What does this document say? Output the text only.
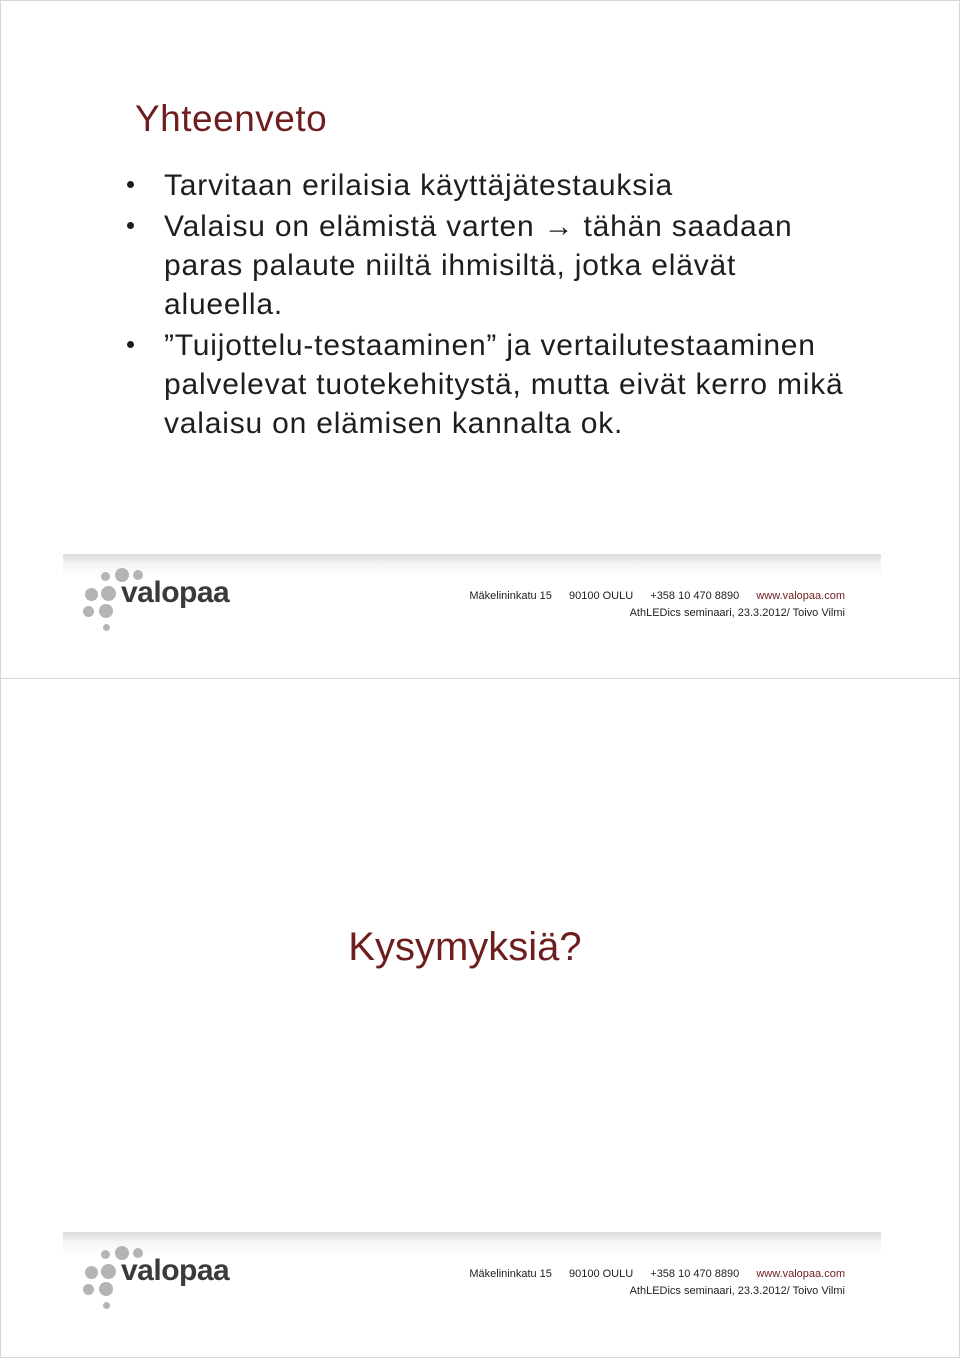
Yhteenveto
Tarvitaan erilaisia käyttäjätestauksia
Valaisu on elämistä varten → tähän saadaan paras palaute niiltä ihmisiltä, jotka elävät alueella.
”Tuijottelu-testaaminen” ja vertailutestaaminen palvelevat tuotekehitystä, mutta eivät kerro mikä valaisu on elämisen kannalta ok.
valopaa	Mäkelininkatu 15 90100 OULU +358 10 470 8890 www.valopaa.com
AthLEDics seminaari, 23.3.2012/ Toivo Vilmi
Kysymyksiä?
valopaa	Mäkelininkatu 15 90100 OULU +358 10 470 8890 www.valopaa.com
AthLEDics seminaari, 23.3.2012/ Toivo Vilmi
